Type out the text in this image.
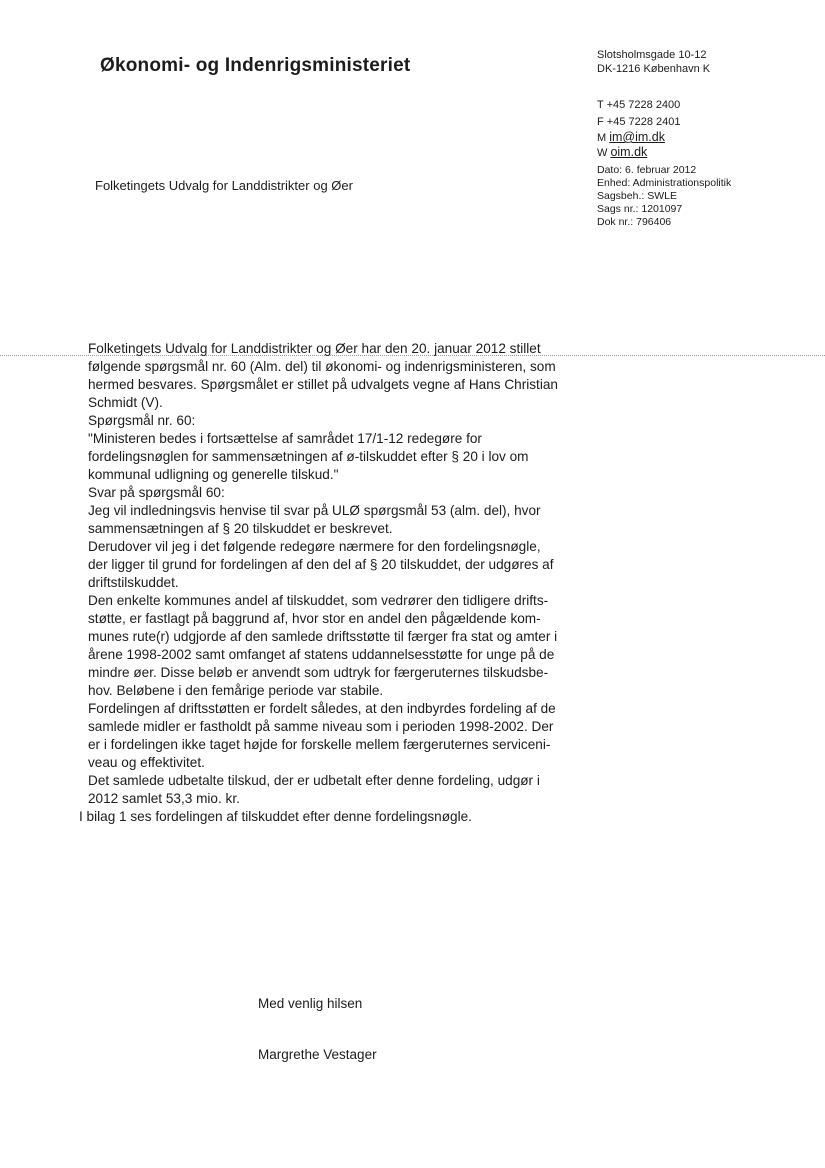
Økonomi- og Indenrigsministeriet	Slotsholmsgade 10-12
DK-1216 København K
T +45 7228 2400
F +45 7228 2401
M im@im.dk
W oim.dk
Dato: 6. februar 2012
Enhed: Administrationspolitik
Sagsbeh.: SWLE
Sags nr.: 1201097
Dok nr.: 796406
Folketingets Udvalg for Landdistrikter og Øer

Folketingets Udvalg for Landdistrikter og Øer har den 20. januar 2012 stillet
følgende spørgsmål nr. 60 (Alm. del) til økonomi- og indenrigsministeren, som
hermed besvares. Spørgsmålet er stillet på udvalgets vegne af Hans Christian
Schmidt (V).

Spørgsmål nr. 60:
"Ministeren bedes i fortsættelse af samrådet 17/1-12 redegøre for
fordelingsnøglen for sammensætningen af ø-tilskuddet efter § 20 i lov om
kommunal udligning og generelle tilskud."

Svar på spørgsmål 60:
Jeg vil indledningsvis henvise til svar på ULØ spørgsmål 53 (alm. del), hvor
sammensætningen af § 20 tilskuddet er beskrevet.

Derudover vil jeg i det følgende redegøre nærmere for den fordelingsnøgle,
der ligger til grund for fordelingen af den del af § 20 tilskuddet, der udgøres af
driftstilskuddet.

Den enkelte kommunes andel af tilskuddet, som vedrører den tidligere drifts-
støtte, er fastlagt på baggrund af, hvor stor en andel den pågældende kom-
munes rute(r) udgjorde af den samlede driftsstøtte til færger fra stat og amter i
årene 1998-2002 samt omfanget af statens uddannelsesstøtte for unge på de
mindre øer. Disse beløb er anvendt som udtryk for færgeruternes tilskudsbe-
hov. Beløbene i den femårige periode var stabile.

Fordelingen af driftsstøtten er fordelt således, at den indbyrdes fordeling af de
samlede midler er fastholdt på samme niveau som i perioden 1998-2002. Der
er i fordelingen ikke taget højde for forskelle mellem færgeruternes serviceni-
veau og effektivitet.

Det samlede udbetalte tilskud, der er udbetalt efter denne fordeling, udgør i
2012 samlet 53,3 mio. kr.

I bilag 1 ses fordelingen af tilskuddet efter denne fordelingsnøgle.

Med venlig hilsen
Margrethe Vestager
